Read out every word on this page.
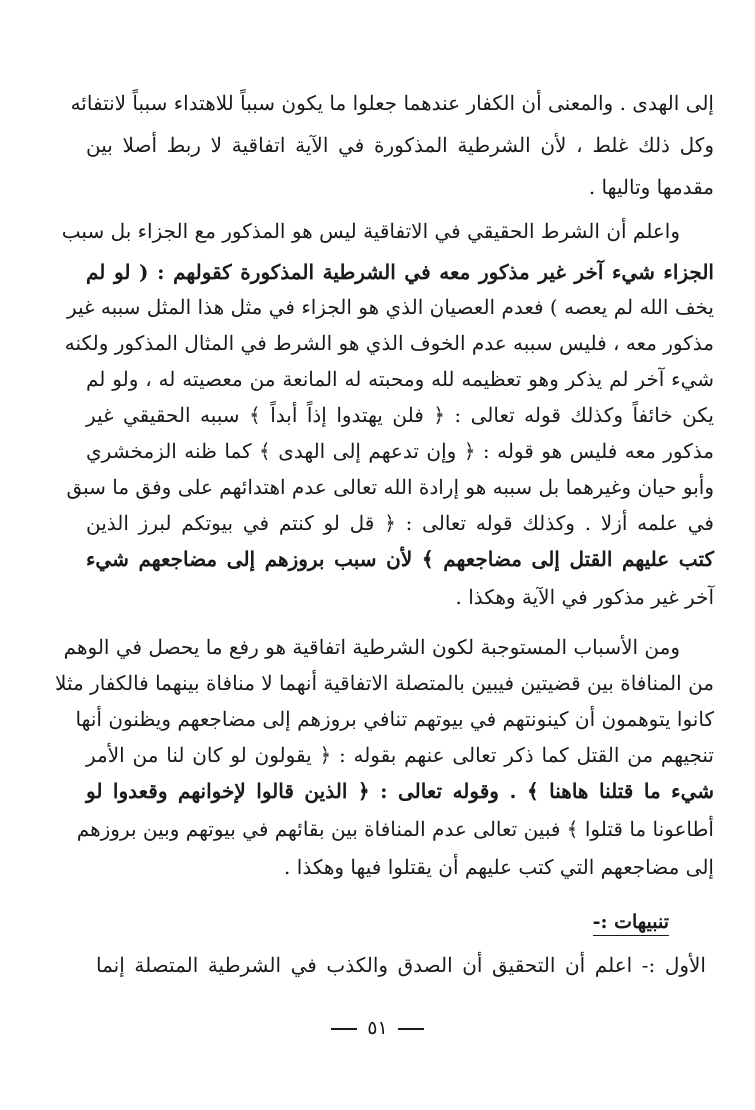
إلى الهدى . والمعنى أن الكفار عندهما جعلوا ما يكون سبباً للاهتداء سبباً لانتفائه
وكل ذلك غلط ، لأن الشرطية المذكورة في الآية اتفاقية لا ربط أصلا بين
مقدمها وتاليها .
واعلم أن الشرط الحقيقي في الاتفاقية ليس هو المذكور مع الجزاء بل سبب
الجزاء شيء آخر غير مذكور معه في الشرطية المذكورة كقولهم : ( لو لم
يخف الله لم يعصه ) فعدم العصيان الذي هو الجزاء في مثل هذا المثل سببه غير
مذكور معه ، فليس سببه عدم الخوف الذي هو الشرط في المثال المذكور ولكنه
شيء آخر لم يذكر وهو تعظيمه لله ومحبته له المانعة من معصيته له ، ولو لم
يكن خائفاً وكذلك قوله تعالى : ﴿ فلن يهتدوا إذاً أبداً ﴾ سببه الحقيقي غير
مذكور معه فليس هو قوله : ﴿ وإن تدعهم إلى الهدى ﴾ كما ظنه الزمخشري
وأبو حيان وغيرهما بل سببه هو إرادة الله تعالى عدم اهتدائهم على وفق ما سبق
في علمه أزلا . وكذلك قوله تعالى : ﴿ قل لو كنتم في بيوتكم لبرز الذين
كتب عليهم القتل إلى مضاجعهم ﴾ لأن سبب بروزهم إلى مضاجعهم شيء
آخر غير مذكور في الآية وهكذا .
ومن الأسباب المستوجبة لكون الشرطية اتفاقية هو رفع ما يحصل في الوهم
من المنافاة بين قضيتين فيبين بالمتصلة الاتفاقية أنهما لا منافاة بينهما فالكفار مثلا
كانوا يتوهمون أن كينونتهم في بيوتهم تنافي بروزهم إلى مضاجعهم ويظنون أنها
تنجيهم من القتل كما ذكر تعالى عنهم بقوله : ﴿ يقولون لو كان لنا من الأمر
شيء ما قتلنا هاهنا ﴾ . وقوله تعالى : ﴿ الذين قالوا لإخوانهم وقعدوا لو
أطاعونا ما قتلوا ﴾ فبين تعالى عدم المنافاة بين بقائهم في بيوتهم وبين بروزهم
إلى مضاجعهم التي كتب عليهم أن يقتلوا فيها وهكذا .
تنبيهات :-
الأول :- اعلم أن التحقيق أن الصدق والكذب في الشرطية المتصلة إنما
٥١
